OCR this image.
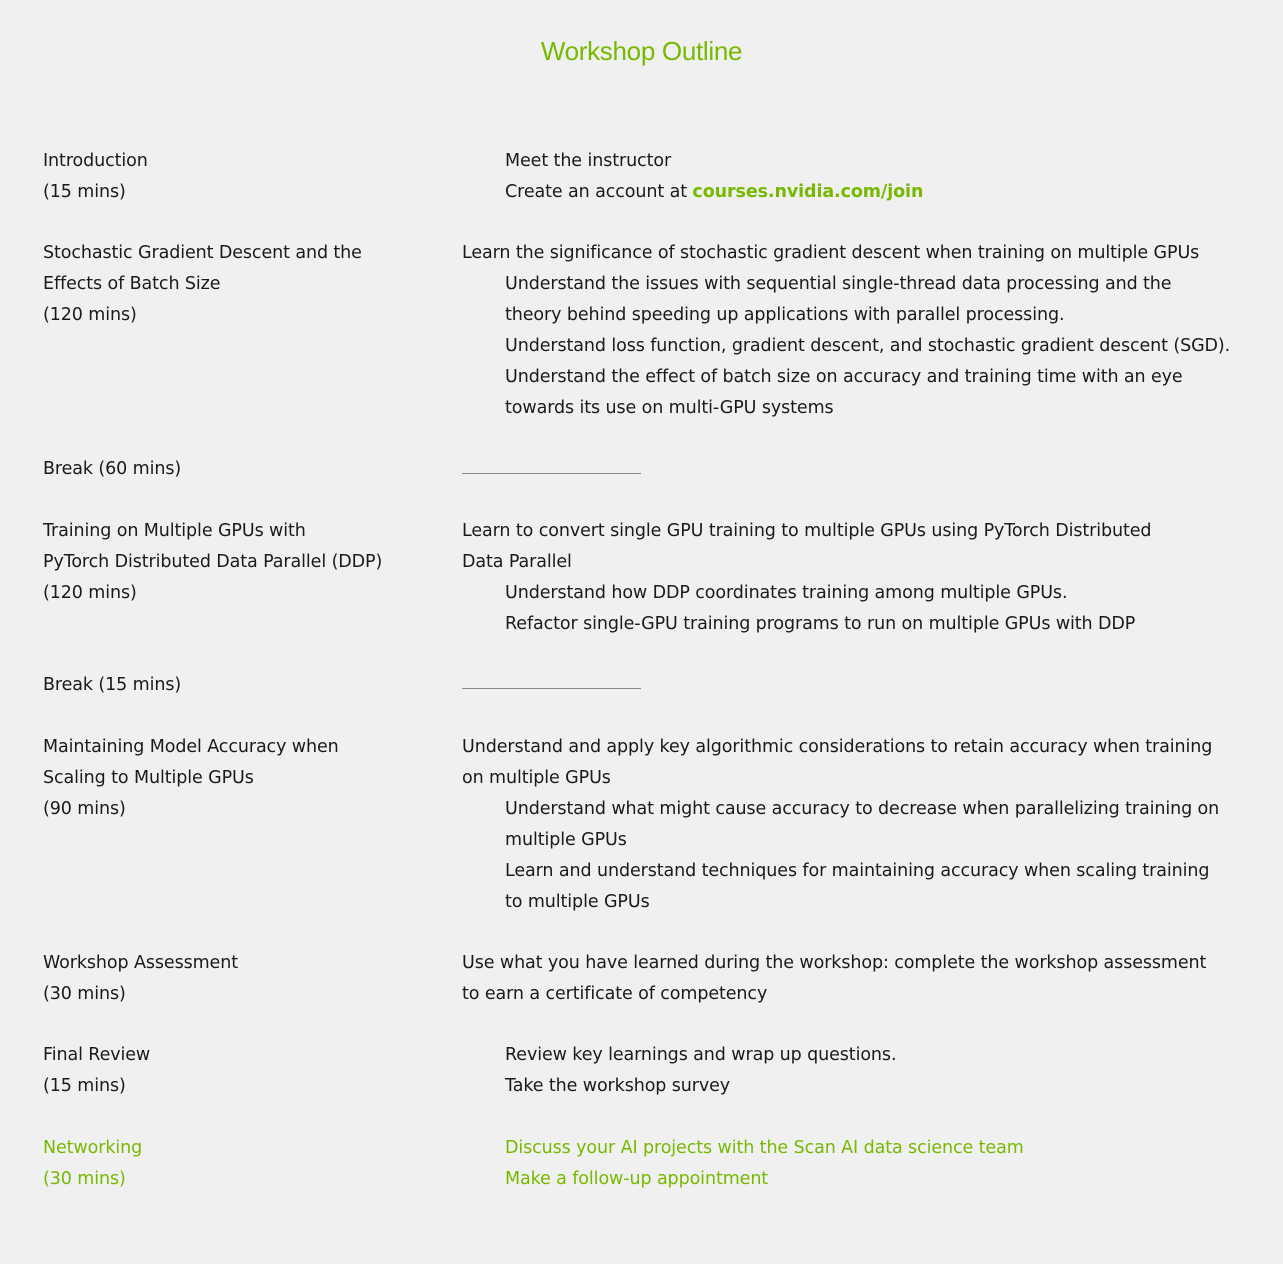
Workshop Outline
Introduction
(15 mins)
Meet the instructor
Create an account at courses.nvidia.com/join
Stochastic Gradient Descent and the
Effects of Batch Size
(120 mins)
Learn the significance of stochastic gradient descent when training on multiple GPUs
Understand the issues with sequential single-thread data processing and the
theory behind speeding up applications with parallel processing.
Understand loss function, gradient descent, and stochastic gradient descent (SGD).
Understand the effect of batch size on accuracy and training time with an eye
towards its use on multi-GPU systems
Break (60 mins)
Training on Multiple GPUs with
PyTorch Distributed Data Parallel (DDP)
(120 mins)
Learn to convert single GPU training to multiple GPUs using PyTorch Distributed
Data Parallel
Understand how DDP coordinates training among multiple GPUs.
Refactor single-GPU training programs to run on multiple GPUs with DDP
Break (15 mins)
Maintaining Model Accuracy when
Scaling to Multiple GPUs
(90 mins)
Understand and apply key algorithmic considerations to retain accuracy when training
on multiple GPUs
Understand what might cause accuracy to decrease when parallelizing training on
multiple GPUs
Learn and understand techniques for maintaining accuracy when scaling training
to multiple GPUs
Workshop Assessment
(30 mins)
Use what you have learned during the workshop: complete the workshop assessment
to earn a certificate of competency
Final Review
(15 mins)
Review key learnings and wrap up questions.
Take the workshop survey
Networking
(30 mins)
Discuss your AI projects with the Scan AI data science team
Make a follow-up appointment
